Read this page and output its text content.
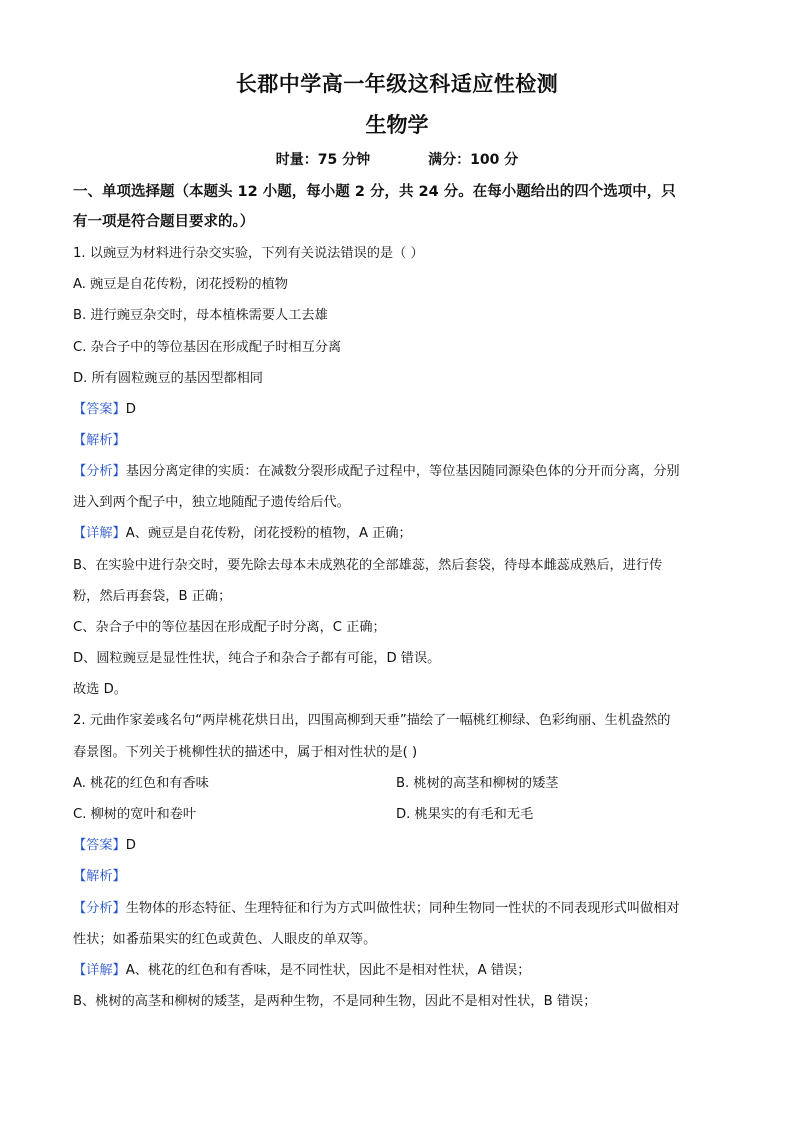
长郡中学高一年级这科适应性检测
生物学
时量：75 分钟	满分：100 分
一、单项选择题（本题头 12 小题，每小题 2 分，共 24 分。在每小题给出的四个选项中，只
有一项是符合题目要求的。）
1. 以豌豆为材料进行杂交实验，下列有关说法错误的是（ ）
A. 豌豆是自花传粉，闭花授粉的植物
B. 进行豌豆杂交时，母本植株需要人工去雄
C. 杂合子中的等位基因在形成配子时相互分离
D. 所有圆粒豌豆的基因型都相同
【答案】D
【解析】
【分析】基因分离定律的实质：在减数分裂形成配子过程中，等位基因随同源染色体的分开而分离，分别
进入到两个配子中，独立地随配子遗传给后代。
【详解】A、豌豆是自花传粉，闭花授粉的植物，A 正确；
B、在实验中进行杂交时，要先除去母本未成熟花的全部雄蕊，然后套袋，待母本雌蕊成熟后，进行传
粉，然后再套袋，B 正确；
C、杂合子中的等位基因在形成配子时分离，C 正确；
D、圆粒豌豆是显性性状，纯合子和杂合子都有可能，D 错误。
故选 D。
2. 元曲作家姜彧名句“两岸桃花烘日出，四围高柳到天垂”描绘了一幅桃红柳绿、色彩绚丽、生机盎然的
春景图。下列关于桃柳性状的描述中，属于相对性状的是( )
A. 桃花的红色和有香味	B. 桃树的高茎和柳树的矮茎
C. 柳树的宽叶和卷叶	D. 桃果实的有毛和无毛
【答案】D
【解析】
【分析】生物体的形态特征、生理特征和行为方式叫做性状；同种生物同一性状的不同表现形式叫做相对
性状；如番茄果实的红色或黄色、人眼皮的单双等。
【详解】A、桃花的红色和有香味，是不同性状，因此不是相对性状，A 错误；
B、桃树的高茎和柳树的矮茎，是两种生物，不是同种生物，因此不是相对性状，B 错误；
